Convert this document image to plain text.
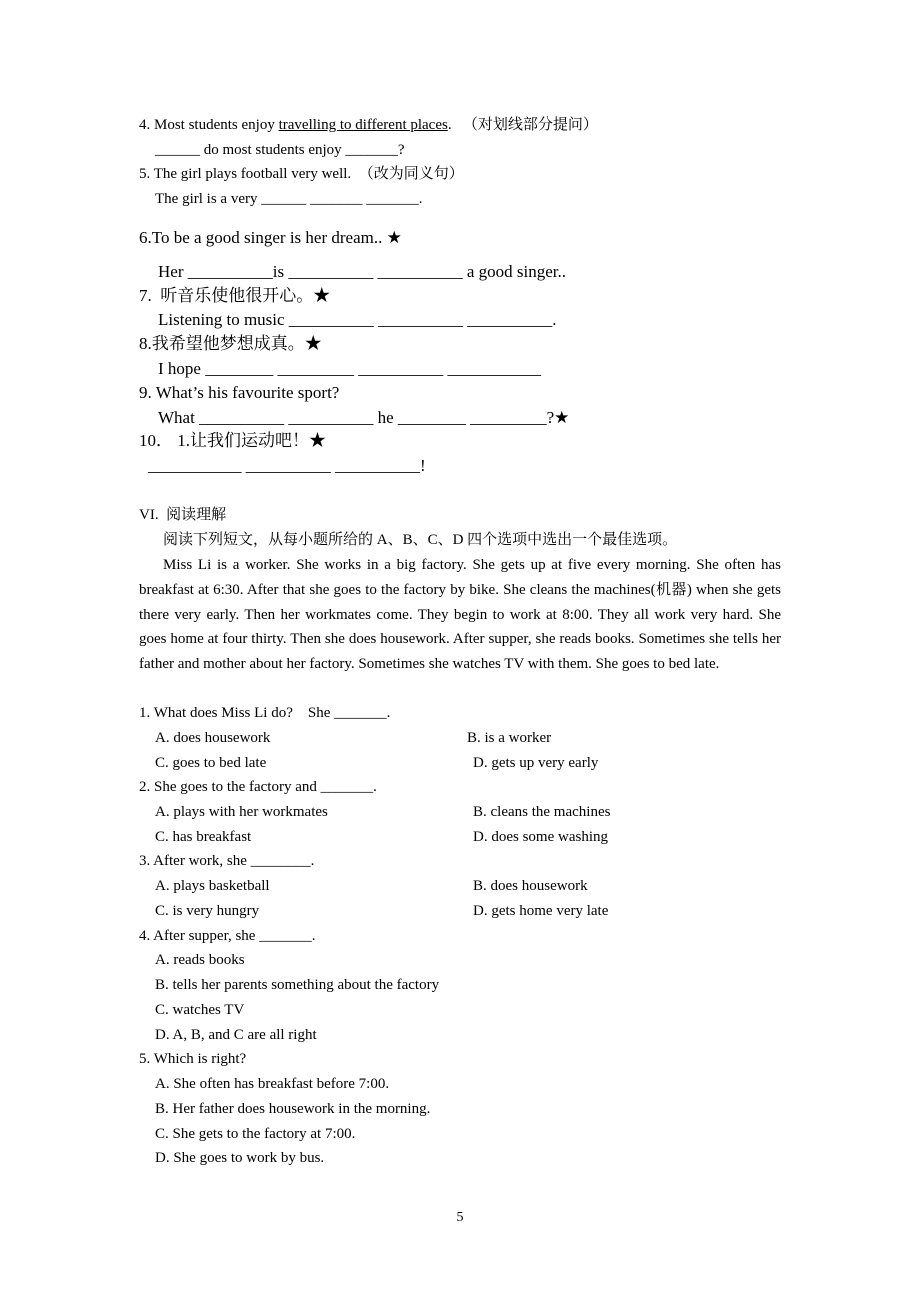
4. Most students enjoy travelling to different places. （对划线部分提问）
______ do most students enjoy _______?
5. The girl plays football very well. （改为同义句）
The girl is a very ______ _______ _______.
6.To be a good singer is her dream.. ★
Her __________is __________ __________ a good singer..
7.  听音乐使他很开心。★
Listening to music __________ __________ __________.
8.我希望他梦想成真。★
I hope ________ _________ __________ ___________
9. What’s his favourite sport?
What __________ __________ he ________ _________?★
10． 1.让我们运动吧！★
___________ __________ __________!
VI.  阅读理解
阅读下列短文，从每小题所给的 A、B、C、D 四个选项中选出一个最佳选项。
Miss Li is a worker. She works in a big factory. She gets up at five every morning. She often has breakfast at 6:30. After that she goes to the factory by bike. She cleans the machines(机器) when she gets there very early. Then her workmates come. They begin to work at 8:00. They all work very hard. She goes home at four thirty. Then she does housework. After supper, she reads books. Sometimes she tells her father and mother about her factory. Sometimes she watches TV with them. She goes to bed late.
1. What does Miss Li do?    She _______.
A. does housework	B. is a worker
C. goes to bed late	D. gets up very early
2. She goes to the factory and _______.
A. plays with her workmates	B. cleans the machines
C. has breakfast	D. does some washing
3. After work, she ________.
A. plays basketball	B. does housework
C. is very hungry	D. gets home very late
4. After supper, she _______.
A. reads books
B. tells her parents something about the factory
C. watches TV
D. A, B, and C are all right
5. Which is right?
A. She often has breakfast before 7:00.
B. Her father does housework in the morning.
C. She gets to the factory at 7:00.
D. She goes to work by bus.
5
